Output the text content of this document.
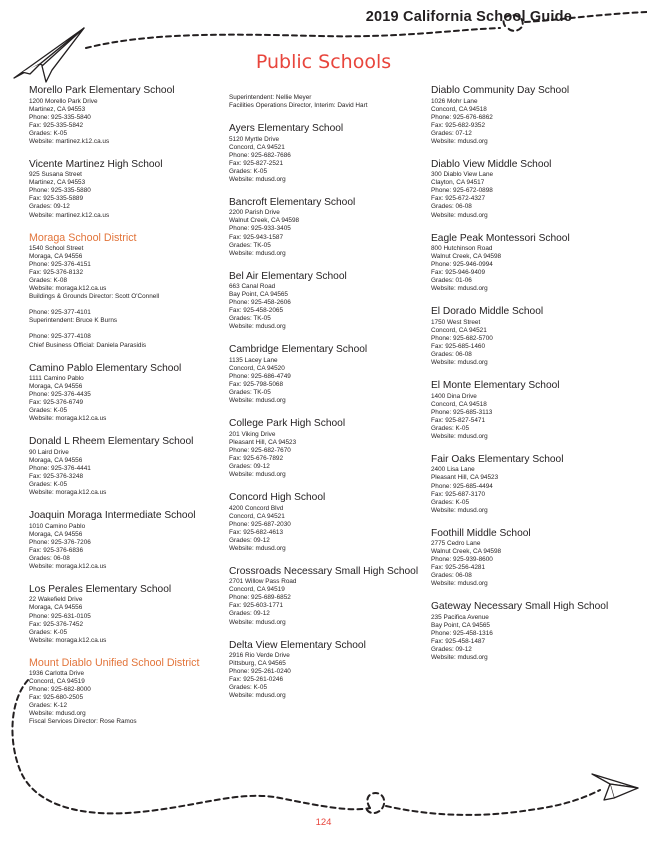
2019 California School Guide
Public Schools
Morello Park Elementary School
1200 Morello Park Drive
Martinez, CA 94553
Phone: 925-335-5840
Fax: 925-335-5842
Grades: K-05
Website: martinez.k12.ca.us
Vicente Martinez High School
925 Susana Street
Martinez, CA 94553
Phone: 925-335-5880
Fax: 925-335-5889
Grades: 09-12
Website: martinez.k12.ca.us
Moraga School District
1540 School Street
Moraga, CA 94556
Phone: 925-376-4151
Fax: 925-376-8132
Grades: K-08
Website: moraga.k12.ca.us
Buildings & Grounds Director: Scott O'Connell
Phone: 925-377-4101
Superintendent: Bruce K Burns
Phone: 925-377-4108
Chief Business Official: Daniela Parasidis
Camino Pablo Elementary School
1111 Camino Pablo
Moraga, CA 94556
Phone: 925-376-4435
Fax: 925-376-6749
Grades: K-05
Website: moraga.k12.ca.us
Donald L Rheem Elementary School
90 Laird Drive
Moraga, CA 94556
Phone: 925-376-4441
Fax: 925-376-3248
Grades: K-05
Website: moraga.k12.ca.us
Joaquin Moraga Intermediate School
1010 Camino Pablo
Moraga, CA 94556
Phone: 925-376-7206
Fax: 925-376-6836
Grades: 06-08
Website: moraga.k12.ca.us
Los Perales Elementary School
22 Wakefield Drive
Moraga, CA 94556
Phone: 925-631-0105
Fax: 925-376-7452
Grades: K-05
Website: moraga.k12.ca.us
Mount Diablo Unified School District
1936 Carlotta Drive
Concord, CA 94519
Phone: 925-682-8000
Fax: 925-680-2505
Grades: K-12
Website: mdusd.org
Fiscal Services Director: Rose Ramos
Superintendent: Nellie Meyer
Facilities Operations Director, Interim: David Hart
Ayers Elementary School
5120 Myrtle Drive
Concord, CA 94521
Phone: 925-682-7686
Fax: 925-827-2521
Grades: K-05
Website: mdusd.org
Bancroft Elementary School
2200 Parish Drive
Walnut Creek, CA 94598
Phone: 925-933-3405
Fax: 925-943-1587
Grades: TK-05
Website: mdusd.org
Bel Air Elementary School
663 Canal Road
Bay Point, CA 94565
Phone: 925-458-2606
Fax: 925-458-2065
Grades: TK-05
Website: mdusd.org
Cambridge Elementary School
1135 Lacey Lane
Concord, CA 94520
Phone: 925-686-4749
Fax: 925-798-5068
Grades: TK-05
Website: mdusd.org
College Park High School
201 Viking Drive
Pleasant Hill, CA 94523
Phone: 925-682-7670
Fax: 925-676-7892
Grades: 09-12
Website: mdusd.org
Concord High School
4200 Concord Blvd
Concord, CA 94521
Phone: 925-687-2030
Fax: 925-682-4613
Grades: 09-12
Website: mdusd.org
Crossroads Necessary Small High School
2701 Willow Pass Road
Concord, CA 94519
Phone: 925-689-6852
Fax: 925-603-1771
Grades: 09-12
Website: mdusd.org
Delta View Elementary School
2916 Rio Verde Drive
Pittsburg, CA 94565
Phone: 925-261-0240
Fax: 925-261-0246
Grades: K-05
Website: mdusd.org
Diablo Community Day School
1026 Mohr Lane
Concord, CA 94518
Phone: 925-676-6862
Fax: 925-682-9352
Grades: 07-12
Website: mdusd.org
Diablo View Middle School
300 Diablo View Lane
Clayton, CA 94517
Phone: 925-672-0898
Fax: 925-672-4327
Grades: 06-08
Website: mdusd.org
Eagle Peak Montessori School
800 Hutchinson Road
Walnut Creek, CA 94598
Phone: 925-946-0994
Fax: 925-946-9409
Grades: 01-06
Website: mdusd.org
El Dorado Middle School
1750 West Street
Concord, CA 94521
Phone: 925-682-5700
Fax: 925-685-1460
Grades: 06-08
Website: mdusd.org
El Monte Elementary School
1400 Dina Drive
Concord, CA 94518
Phone: 925-685-3113
Fax: 925-827-5471
Grades: K-05
Website: mdusd.org
Fair Oaks Elementary School
2400 Lisa Lane
Pleasant Hill, CA 94523
Phone: 925-685-4494
Fax: 925-687-3170
Grades: K-05
Website: mdusd.org
Foothill Middle School
2775 Cedro Lane
Walnut Creek, CA 94598
Phone: 925-939-8600
Fax: 925-256-4281
Grades: 06-08
Website: mdusd.org
Gateway Necessary Small High School
235 Pacifica Avenue
Bay Point, CA 94565
Phone: 925-458-1316
Fax: 925-458-1487
Grades: 09-12
Website: mdusd.org
124
